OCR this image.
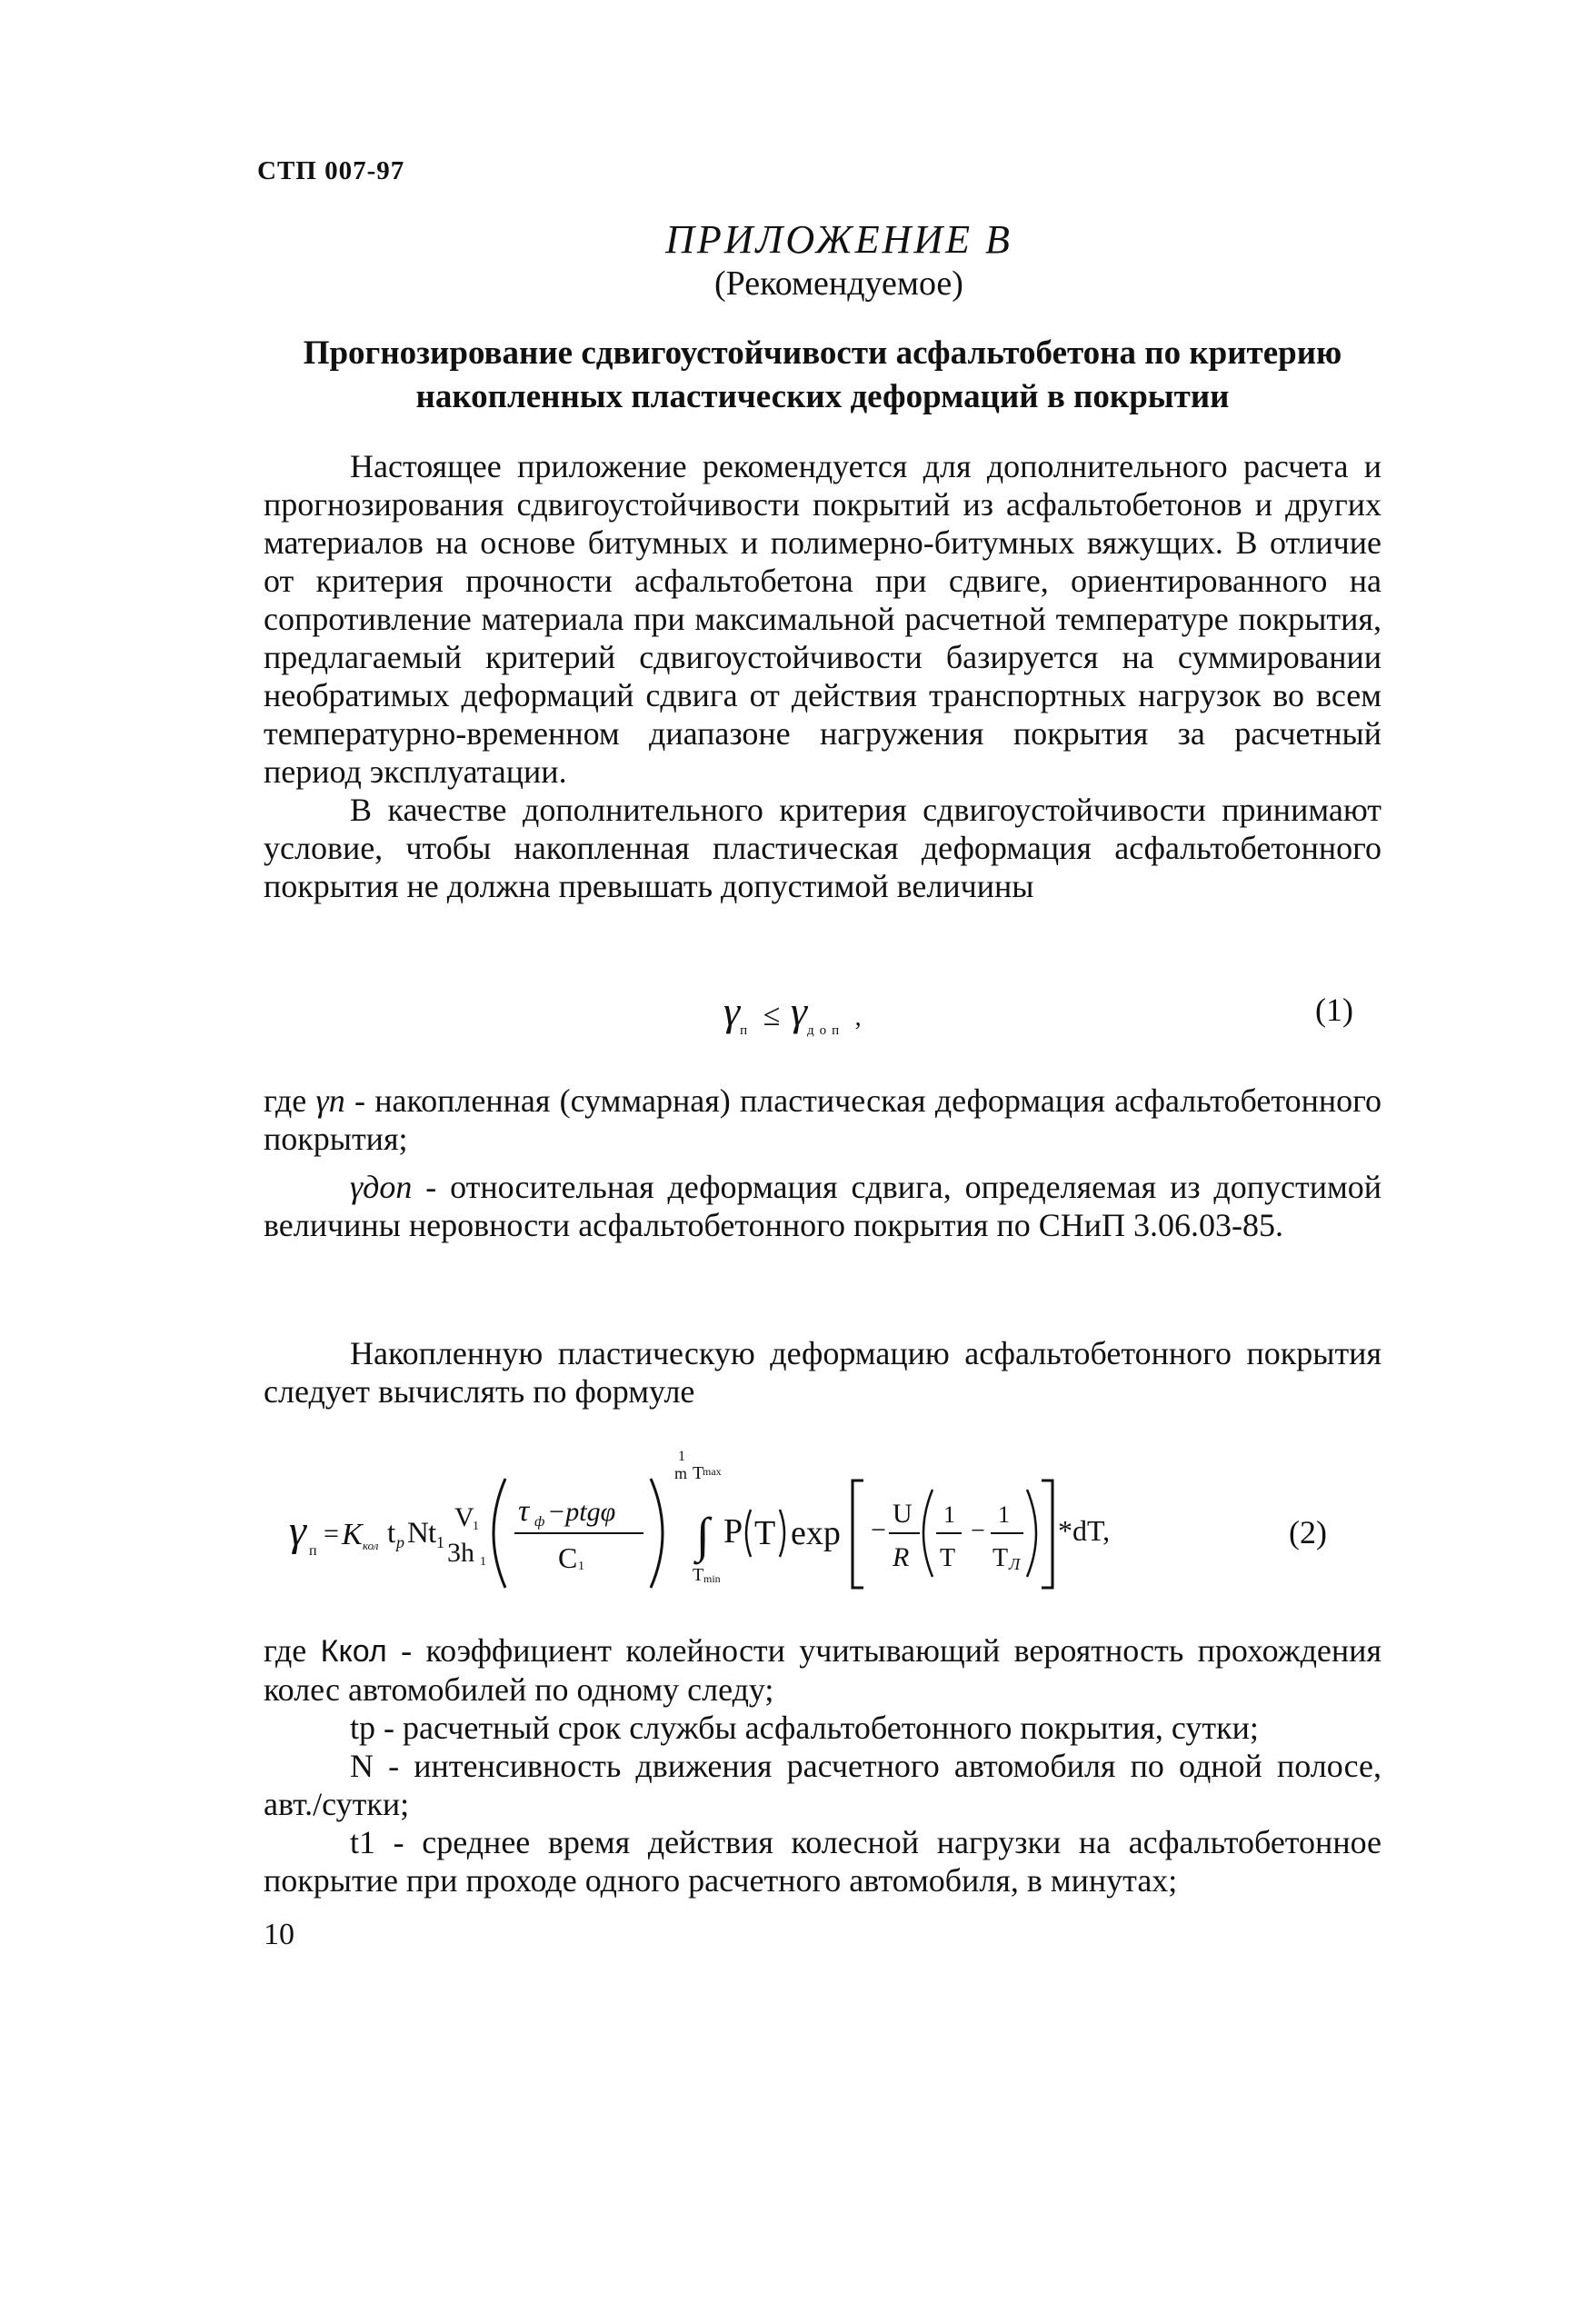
СТП 007-97
ПРИЛОЖЕНИЕ В
(Рекомендуемое)
Прогнозирование сдвигоустойчивости асфальтобетона по критерию
накопленных пластических деформаций в покрытии

Настоящее приложение рекомендуется для дополнительного расчета и прогнозирования сдвигоустойчивости покрытий из асфальтобетонов и других материалов на основе битумных и полимерно-битумных вяжущих. В отличие от критерия прочности асфальтобетона при сдвиге, ориентированного на сопротивление материала при максимальной расчетной температуре покрытия, предлагаемый критерий сдвигоустойчивости базируется на суммировании необратимых деформаций сдвига от действия транспортных нагрузок во всем температурно-временном диапазоне нагружения покрытия за расчетный период эксплуатации.

В качестве дополнительного критерия сдвигоустойчивости принимают условие, чтобы накопленная пластическая деформация асфальтобетонного покрытия не должна превышать допустимой величины

$\gamma_п \le \gamma_{доп}$ ,	(1)

где γп - накопленная (суммарная) пластическая деформация асфальтобетонного покрытия;

γдоп - относительная деформация сдвига, определяемая из допустимой величины неровности асфальтобетонного покрытия по СНиП 3.06.03-85.

Накопленную пластическую деформацию асфальтобетонного покрытия следует вычислять по формуле

γ п
= K кол t p N t 1
V
1
3h 1
τ ф −ptgφ
C 1
1
m T
max
∫
T min
P T exp −
U
R
1
T
−
1
T Л
*dT,	(2)

где Ккол - коэффициент колейности учитывающий вероятность прохождения колес автомобилей по одному следу;

tр - расчетный срок службы асфальтобетонного покрытия, сутки;

N - интенсивность движения расчетного автомобиля по одной полосе, авт./сутки;

t1 - среднее время действия колесной нагрузки на асфальтобетонное покрытие при проходе одного расчетного автомобиля, в минутах;

10
